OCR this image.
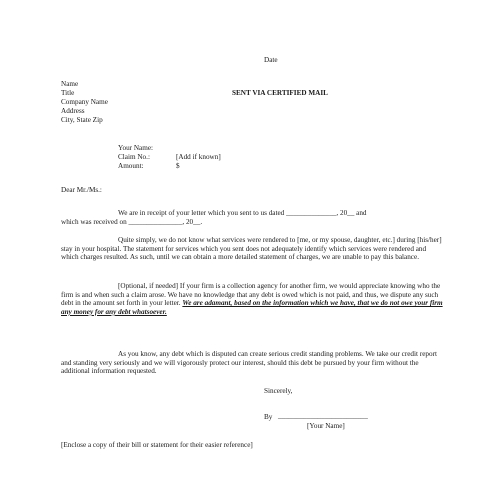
Date
Name
Title
Company Name
Address
City, State Zip
SENT VIA CERTIFIED MAIL
Your Name:
Claim No.:	[Add if known]
Amount:	$
Dear Mr./Ms.:
We are in receipt of your letter which you sent to us dated ______________, 20__ and
which was received on _______________, 20__.
Quite simply, we do not know what services were rendered to [me, or my spouse, daughter, etc.] during [his/her] stay in your hospital. The statement for services which you sent does not adequately identify which services were rendered and which charges resulted. As such, until we can obtain a more detailed statement of charges, we are unable to pay this balance.
[Optional, if needed] If your firm is a collection agency for another firm, we would appreciate knowing who the firm is and when such a claim arose. We have no knowledge that any debt is owed which is not paid, and thus, we dispute any such debt in the amount set forth in your letter. We are adamant, based on the information which we have, that we do not owe your firm any money for any debt whatsoever.
As you know, any debt which is disputed can create serious credit standing problems. We take our credit report and standing very seriously and we will vigorously protect our interest, should this debt be pursued by your firm without the additional information requested.
Sincerely,
By _________________________
[Your Name]
[Enclose a copy of their bill or statement for their easier reference]
